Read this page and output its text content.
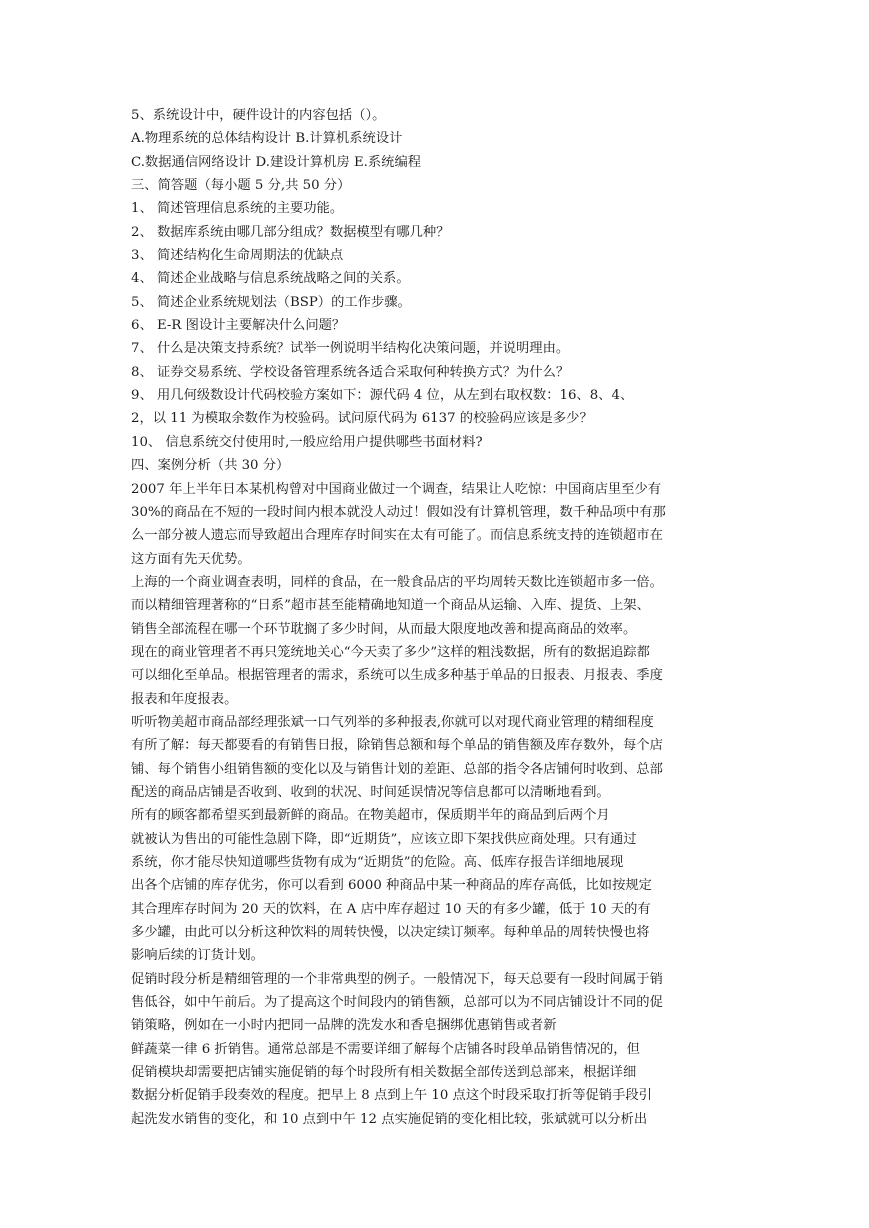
5、系统设计中，硬件设计的内容包括（）。
A.物理系统的总体结构设计 B.计算机系统设计
C.数据通信网络设计 D.建设计算机房 E.系统编程
三、简答题（每小题 5 分,共 50 分）
1、 简述管理信息系统的主要功能。
2、 数据库系统由哪几部分组成？数据模型有哪几种？
3、 简述结构化生命周期法的优缺点
4、 简述企业战略与信息系统战略之间的关系。
5、 简述企业系统规划法（BSP）的工作步骤。
6、 E-R 图设计主要解决什么问题？
7、 什么是决策支持系统？试举一例说明半结构化决策问题，并说明理由。
8、 证券交易系统、学校设备管理系统各适合采取何种转换方式？为什么？
9、 用几何级数设计代码校验方案如下：源代码 4 位，从左到右取权数：16、8、4、
2，以 11 为模取余数作为校验码。试问原代码为 6137 的校验码应该是多少？
10、 信息系统交付使用时,一般应给用户提供哪些书面材料?
四、案例分析（共 30 分）
2007 年上半年日本某机构曾对中国商业做过一个调查，结果让人吃惊：中国商店里至少有
30%的商品在不短的一段时间内根本就没人动过！假如没有计算机管理，数千种品项中有那
么一部分被人遗忘而导致超出合理库存时间实在太有可能了。而信息系统支持的连锁超市在
这方面有先天优势。
上海的一个商业调查表明，同样的食品，在一般食品店的平均周转天数比连锁超市多一倍。
而以精细管理著称的“日系”超市甚至能精确地知道一个商品从运输、入库、提货、上架、
销售全部流程在哪一个环节耽搁了多少时间，从而最大限度地改善和提高商品的效率。
现在的商业管理者不再只笼统地关心“今天卖了多少”这样的粗浅数据，所有的数据追踪都
可以细化至单品。根据管理者的需求，系统可以生成多种基于单品的日报表、月报表、季度
报表和年度报表。
听听物美超市商品部经理张斌一口气列举的多种报表,你就可以对现代商业管理的精细程度
有所了解：每天都要看的有销售日报，除销售总额和每个单品的销售额及库存数外，每个店
铺、每个销售小组销售额的变化以及与销售计划的差距、总部的指令各店铺何时收到、总部
配送的商品店铺是否收到、收到的状况、时间延误情况等信息都可以清晰地看到。
所有的顾客都希望买到最新鲜的商品。在物美超市，保质期半年的商品到后两个月
就被认为售出的可能性急剧下降，即“近期货”，应该立即下架找供应商处理。只有通过
系统，你才能尽快知道哪些货物有成为“近期货”的危险。高、低库存报告详细地展现
出各个店铺的库存优劣，你可以看到 6000 种商品中某一种商品的库存高低，比如按规定
其合理库存时间为 20 天的饮料，在 A 店中库存超过 10 天的有多少罐，低于 10 天的有
多少罐，由此可以分析这种饮料的周转快慢，以决定续订频率。每种单品的周转快慢也将
影响后续的订货计划。
促销时段分析是精细管理的一个非常典型的例子。一般情况下，每天总要有一段时间属于销
售低谷，如中午前后。为了提高这个时间段内的销售额，总部可以为不同店铺设计不同的促
销策略，例如在一小时内把同一品牌的洗发水和香皂捆绑优惠销售或者新
鲜蔬菜一律 6 折销售。通常总部是不需要详细了解每个店铺各时段单品销售情况的，但
促销模块却需要把店铺实施促销的每个时段所有相关数据全部传送到总部来，根据详细
数据分析促销手段奏效的程度。把早上 8 点到上午 10 点这个时段采取打折等促销手段引
起洗发水销售的变化，和 10 点到中午 12 点实施促销的变化相比较，张斌就可以分析出
